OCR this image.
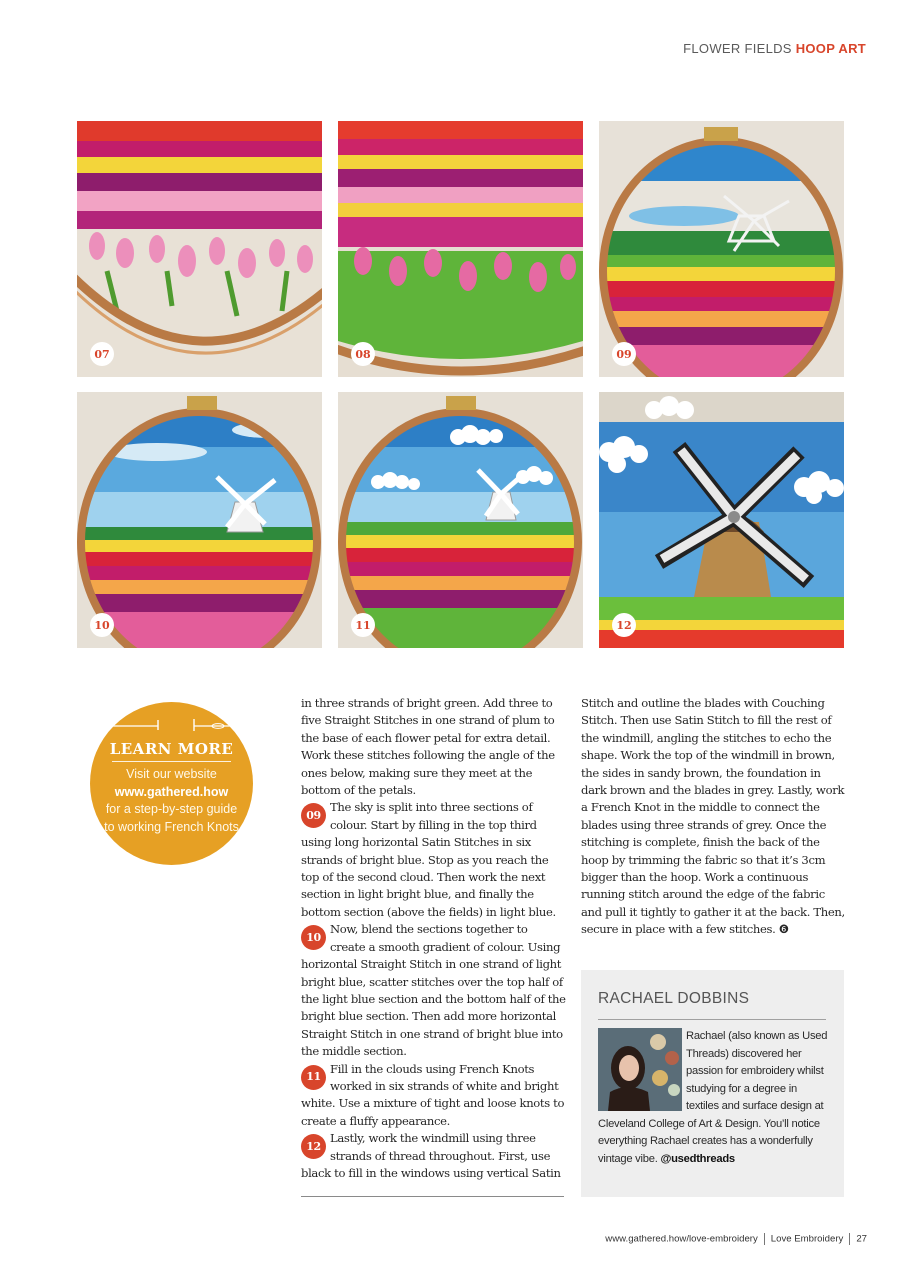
FLOWER FIELDS HOOP ART
07	08	09
10	11	12
LEARN MORE
Visit our website
www.gathered.how
for a step-by-step guide to working French Knots

in three strands of bright green. Add three to five Straight Stitches in one strand of plum to the base of each flower petal for extra detail. Work these stitches following the angle of the ones below, making sure they meet at the bottom of the petals.

09
The sky is split into three sections of colour. Start by filling in the top third using long horizontal Satin Stitches in six strands of bright blue. Stop as you reach the top of the second cloud. Then work the next section in light bright blue, and finally the bottom section (above the fields) in light blue.

10
Now, blend the sections together to create a smooth gradient of colour. Using horizontal Straight Stitch in one strand of light bright blue, scatter stitches over the top half of the light blue section and the bottom half of the bright blue section. Then add more horizontal Straight Stitch in one strand of bright blue into the middle section.

11
Fill in the clouds using French Knots worked in six strands of white and bright white. Use a mixture of tight and loose knots to create a fluffy appearance.

12
Lastly, work the windmill using three strands of thread throughout. First, use black to fill in the windows using vertical Satin

Stitch and outline the blades with Couching Stitch. Then use Satin Stitch to fill the rest of the windmill, angling the stitches to echo the shape. Work the top of the windmill in brown, the sides in sandy brown, the foundation in dark brown and the blades in grey. Lastly, work a French Knot in the middle to connect the blades using three strands of grey. Once the stitching is complete, finish the back of the hoop by trimming the fabric so that it’s 3cm bigger than the hoop. Work a continuous running stitch around the edge of the fabric and pull it tightly to gather it at the back. Then, secure in place with a few stitches. ❻

RACHAEL DOBBINS
Rachael (also known as Used Threads) discovered her passion for embroidery whilst studying for a degree in textiles and surface design at Cleveland College of Art & Design. You’ll notice everything Rachael creates has a wonderfully vintage vibe. @usedthreads
www.gathered.how/love-embroidery Love Embroidery 27
